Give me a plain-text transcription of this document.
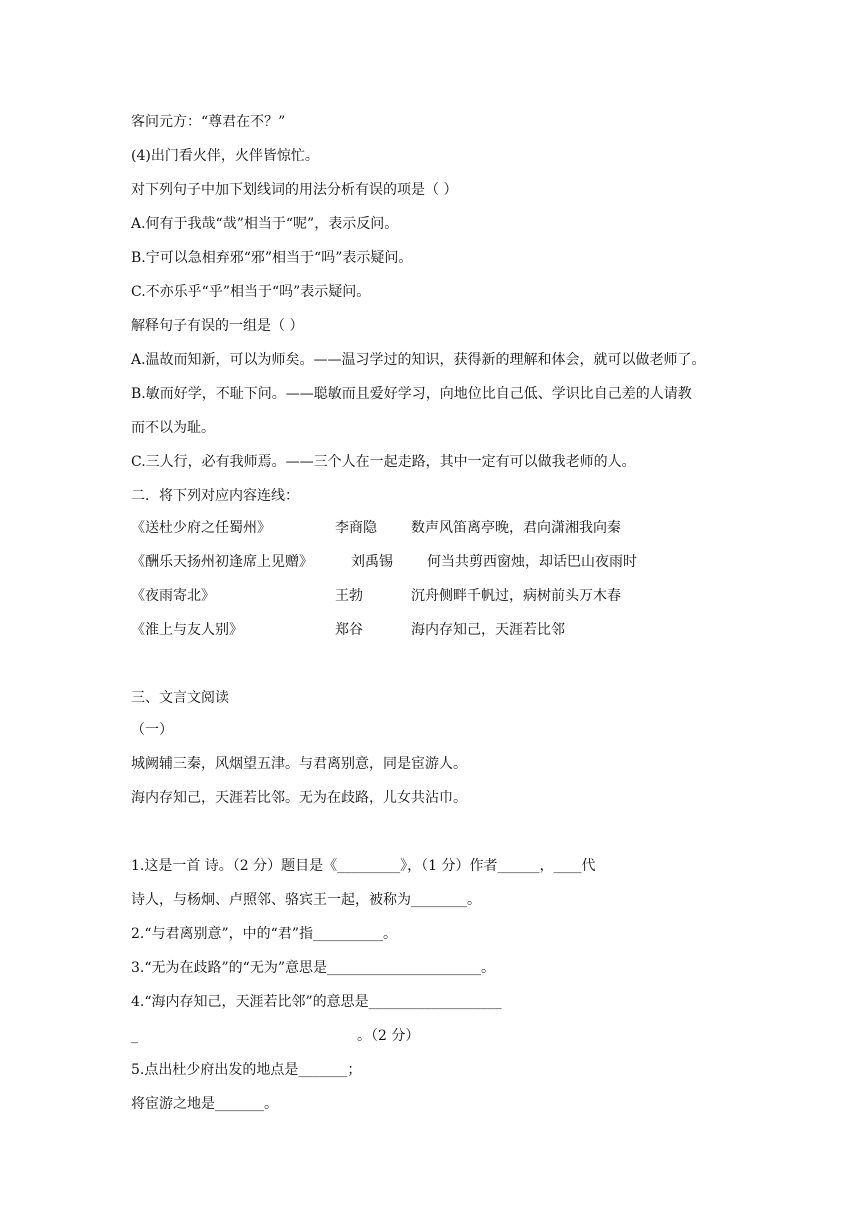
客问元方：“尊君在不？”
(4)出门看火伴，火伴皆惊忙。
对下列句子中加下划线词的用法分析有误的项是（ ）
A.何有于我哉“哉”相当于“呢”，表示反问。
B.宁可以急相弃邪“邪”相当于“吗”表示疑问。
C.不亦乐乎“乎”相当于“吗”表示疑问。
解释句子有误的一组是（ ）
A.温故而知新，可以为师矣。——温习学过的知识，获得新的理解和体会，就可以做老师了。
B.敏而好学，不耻下问。——聪敏而且爱好学习，向地位比自己低、学识比自己差的人请教
而不以为耻。
C.三人行，必有我师焉。——三个人在一起走路，其中一定有可以做我老师的人。
二．将下列对应内容连线：
《送杜少府之任蜀州》	李商隐 数声风笛离亭晚，君向潇湘我向秦
《酬乐天扬州初逢席上见赠》	刘禹锡 何当共剪西窗烛，却话巴山夜雨时
《夜雨寄北》	王勃	沉舟侧畔千帆过，病树前头万木春
《淮上与友人别》	郑谷	海内存知己，天涯若比邻
三、文言文阅读
（一）
城阙辅三秦，风烟望五津。与君离别意，同是宦游人。
海内存知己，天涯若比邻。无为在歧路，儿女共沾巾。
1.这是一首 诗。（2 分）题目是《_________》，（1 分）作者______，____代
诗人，与杨炯、卢照邻、骆宾王一起，被称为________。
2.“与君离别意”，中的“君”指__________。
3.“无为在歧路”的“无为”意思是______________________。
4.“海内存知己，天涯若比邻”的意思是___________________
_	。（2 分）
5.点出杜少府出发的地点是_______；
将宦游之地是_______。
